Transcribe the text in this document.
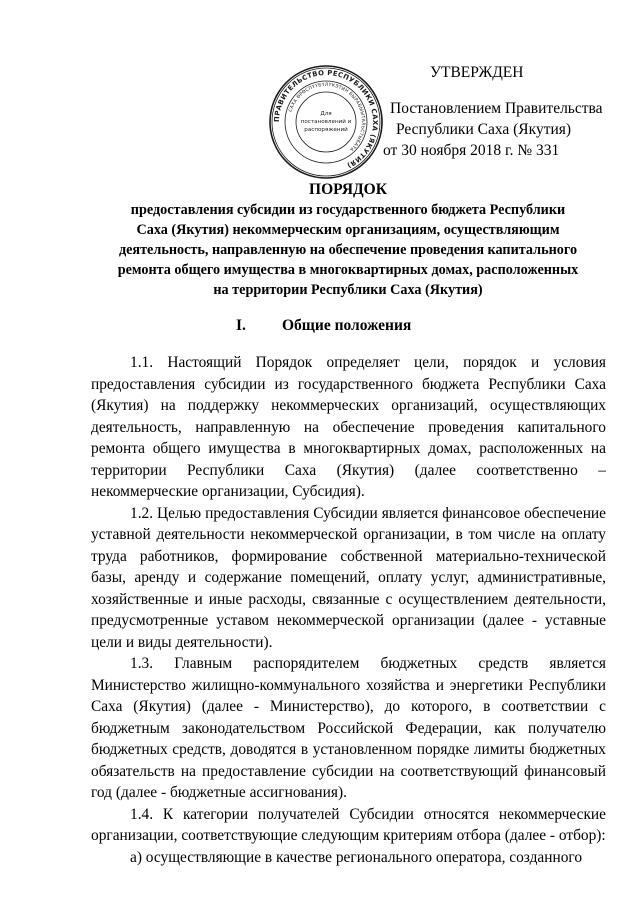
УТВЕРЖДЕН
Постановлением Правительства
Республики Саха (Якутия)
от 30 ноября 2018 г. № 331
ПРАВИТЕЛЬСТВО РЕСПУБЛИКИ САХА (ЯКУТИЯ)
САХА ӨРӨСПҮҮБҮЛҮКЭТИН БЫРАБЫЫТАЛЬСТЫБАТА
Для
постановлений и
распоряжений
ПОРЯДОК
предоставления субсидии из государственного бюджета Республики
Саха (Якутия) некоммерческим организациям, осуществляющим
деятельность, направленную на обеспечение проведения капитального
ремонта общего имущества в многоквартирных домах, расположенных
на территории Республики Саха (Якутия)
I. Общие положения

1.1. Настоящий Порядок определяет цели, порядок и условия предоставления субсидии из государственного бюджета Республики Саха (Якутия) на поддержку некоммерческих организаций, осуществляющих деятельность, направленную на обеспечение проведения капитального ремонта общего имущества в многоквартирных домах, расположенных на территории Республики Саха (Якутия) (далее соответственно – некоммерческие организации, Субсидия).

1.2. Целью предоставления Субсидии является финансовое обеспечение уставной деятельности некоммерческой организации, в том числе на оплату труда работников, формирование собственной материально-технической базы, аренду и содержание помещений, оплату услуг, административные, хозяйственные и иные расходы, связанные с осуществлением деятельности, предусмотренные уставом некоммерческой организации (далее - уставные цели и виды деятельности).

1.3. Главным распорядителем бюджетных средств является Министерство жилищно-коммунального хозяйства и энергетики Республики Саха (Якутия) (далее - Министерство), до которого, в соответствии с бюджетным законодательством Российской Федерации, как получателю бюджетных средств, доводятся в установленном порядке лимиты бюджетных обязательств на предоставление субсидии на соответствующий финансовый год (далее - бюджетные ассигнования).

1.4. К категории получателей Субсидии относятся некоммерческие организации, соответствующие следующим критериям отбора (далее - отбор):

а) осуществляющие в качестве регионального оператора, созданного
